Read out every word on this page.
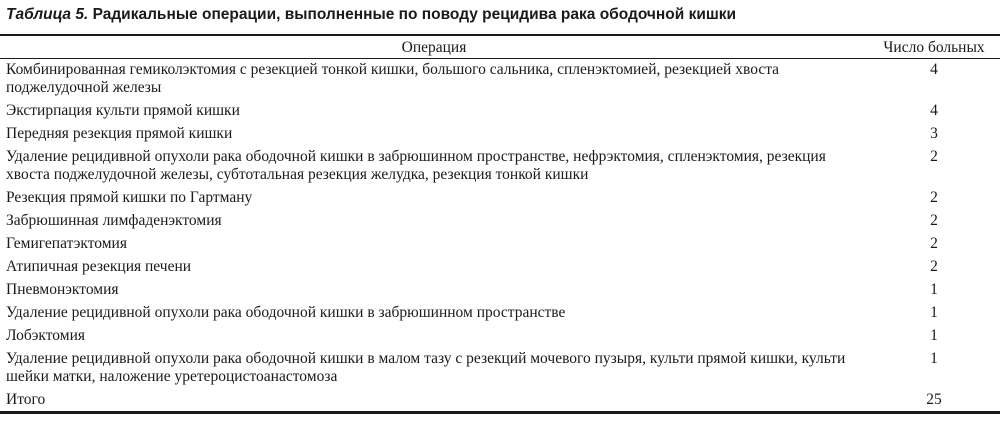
Таблица 5. Радикальные операции, выполненные по поводу рецидива рака ободочной кишки
Операция	Число больных
Комбинированная гемиколэктомия с резекцией тонкой кишки, большого сальника, спленэктомией, резекцией хвоста поджелудочной железы	4
Экстирпация культи прямой кишки	4
Передняя резекция прямой кишки	3
Удаление рецидивной опухоли рака ободочной кишки в забрюшинном пространстве, нефрэктомия, спленэктомия, резекция хвоста поджелудочной железы, субтотальная резекция желудка, резекция тонкой кишки	2
Резекция прямой кишки по Гартману	2
Забрюшинная лимфаденэктомия	2
Гемигепатэктомия	2
Атипичная резекция печени	2
Пневмонэктомия	1
Удаление рецидивной опухоли рака ободочной кишки в забрюшинном пространстве	1
Лобэктомия	1
Удаление рецидивной опухоли рака ободочной кишки в малом тазу с резекций мочевого пузыря, культи прямой кишки, культи шейки матки, наложение уретероцистоанастомоза	1
Итого	25
